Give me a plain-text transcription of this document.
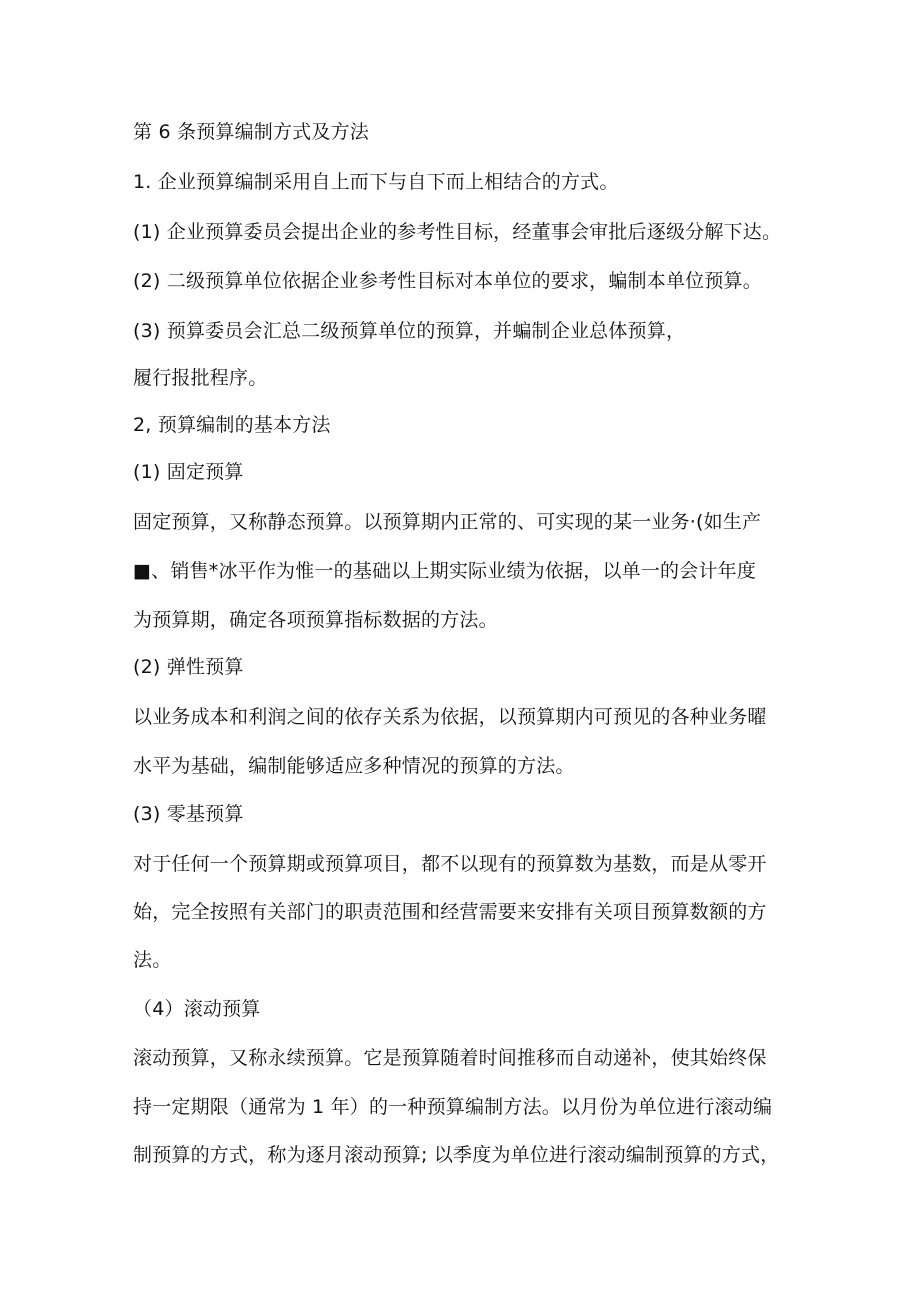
第 6 条预算编制方式及方法
1. 企业预算编制采用自上而下与自下而上相结合的方式。
(1) 企业预算委员会提出企业的参考性目标，经董事会审批后逐级分解下达。
(2) 二级预算单位依据企业参考性目标对本单位的要求，蝙制本单位预算。
(3) 预算委员会汇总二级预算单位的预算，并蝙制企业总体预算，
履行报批程序。
2, 预算编制的基本方法
(1) 固定预算
固定预算，又称静态预算。以预算期内正常的、可实现的某一业务·(如生产
■、销售*冰平作为惟一的基础以上期实际业绩为依据，以单一的会计年度
为预算期，确定各项预算指标数据的方法。
(2) 弹性预算
以业务成本和利润之间的依存关系为依据，以预算期内可预见的各种业务曜
水平为基础，编制能够适应多种情况的预算的方法。
(3) 零基预算
对于任何一个预算期或预算项目，都不以现有的预算数为基数，而是从零开
始，完全按照有关部门的职责范围和经营需要来安排有关项目预算数额的方
法。
（4）滚动预算
滚动预算，又称永续预算。它是预算随着时间推移而自动递补，使其始终保
持一定期限（通常为 1 年）的一种预算编制方法。以月份为单位进行滚动编
制预算的方式，称为逐月滚动预算; 以季度为单位进行滚动编制预算的方式，
